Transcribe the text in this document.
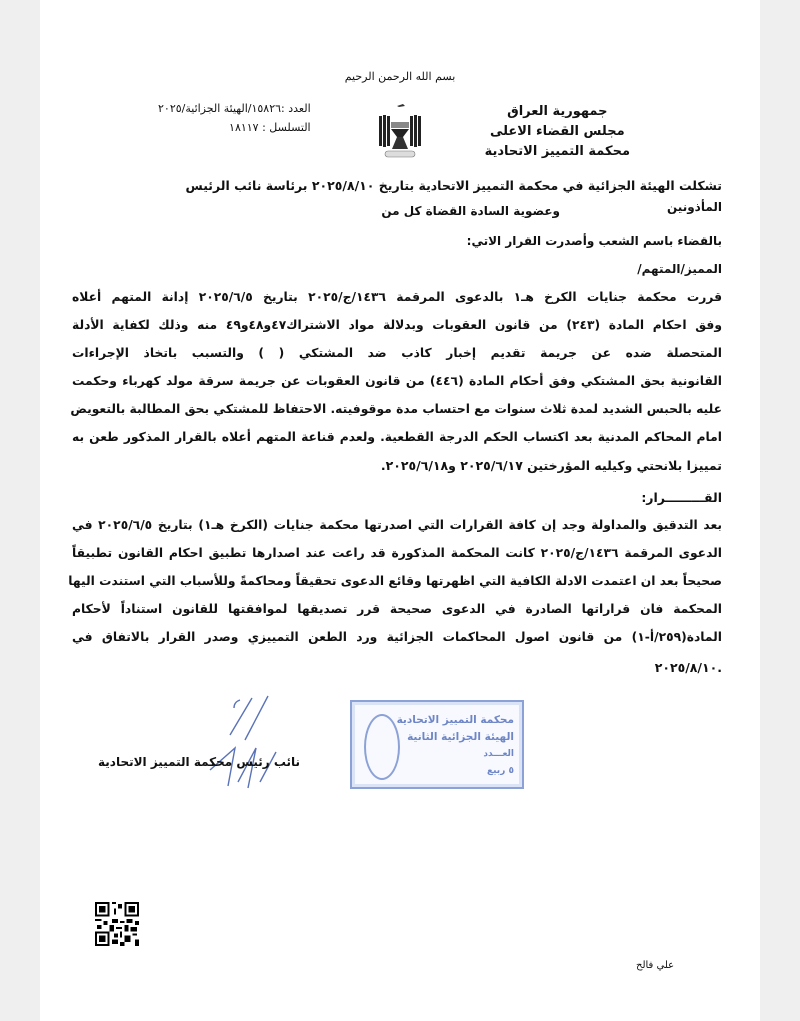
بسم الله الرحمن الرحيم
جمهورية العراق
مجلس القضاء الاعلى
محكمة التمييز الاتحادية
العدد :١٥٨٢٦/الهيئة الجزائية/٢٠٢٥
التسلسل : ١٨١١٧
تشكلت الهيئة الجزائية في محكمة التمييز الاتحادية بتاريخ ٢٠٢٥/٨/١٠ برئاسة نائب الرئيس
وعضوية السادة القضاة كل من	المأذونين
بالقضاء باسم الشعب وأصدرت القرار الاتي:
المميز/المتهم/
قررت محكمة جنايات الكرخ هـ١ بالدعوى المرقمة ١٤٣٦/ج/٢٠٢٥ بتاريخ ٢٠٢٥/٦/٥ إدانة المتهم أعلاه
وفق احكام المادة (٢٤٣) من قانون العقوبات وبدلالة مواد الاشتراك٤٧و٤٨و٤٩ منه وذلك لكفاية الأدلة
المتحصلة ضده عن جريمة تقديم إخبار كاذب ضد المشتكي ( ) والتسبب باتخاذ الإجراءات
القانونية بحق المشتكي وفق أحكام المادة (٤٤٦) من قانون العقوبات عن جريمة سرقة مولد كهرباء وحكمت
عليه بالحبس الشديد لمدة ثلاث سنوات مع احتساب مدة موقوفيته. الاحتفاظ للمشتكي بحق المطالبة بالتعويض
امام المحاكم المدنية بعد اكتساب الحكم الدرجة القطعية. ولعدم قناعة المتهم أعلاه بالقرار المذكور طعن به
تمييزا بلانحتي وكيليه المؤرختين ٢٠٢٥/٦/١٧ و٢٠٢٥/٦/١٨.
القـــــــــرار:
بعد التدقيق والمداولة وجد إن كافة القرارات التي اصدرتها محكمة جنايات (الكرخ هـ١) بتاريخ ٢٠٢٥/٦/٥ في
الدعوى المرقمة ١٤٣٦/ج/٢٠٢٥ كانت المحكمة المذكورة قد راعت عند اصدارها تطبيق احكام القانون تطبيقاً
صحيحاً بعد ان اعتمدت الادلة الكافية التي اظهرتها وقائع الدعوى تحقيقاً ومحاكمةً وللأسباب التي استندت اليها
المحكمة فان قراراتها الصادرة في الدعوى صحيحة قرر تصديقها لموافقتها للقانون استناداً لأحكام
المادة(٢٥٩/أ-١) من قانون اصول المحاكمات الجزائية ورد الطعن التمييزي وصدر القرار بالاتفاق في
٢٠٢٥/٨/١٠.
محكمة التمييز الاتحادية
الهيئة الجزائية الثانية
العـــدد
٥ ربيع
نائب رئيس محكمة التمييز الاتحادية
علي فالح
